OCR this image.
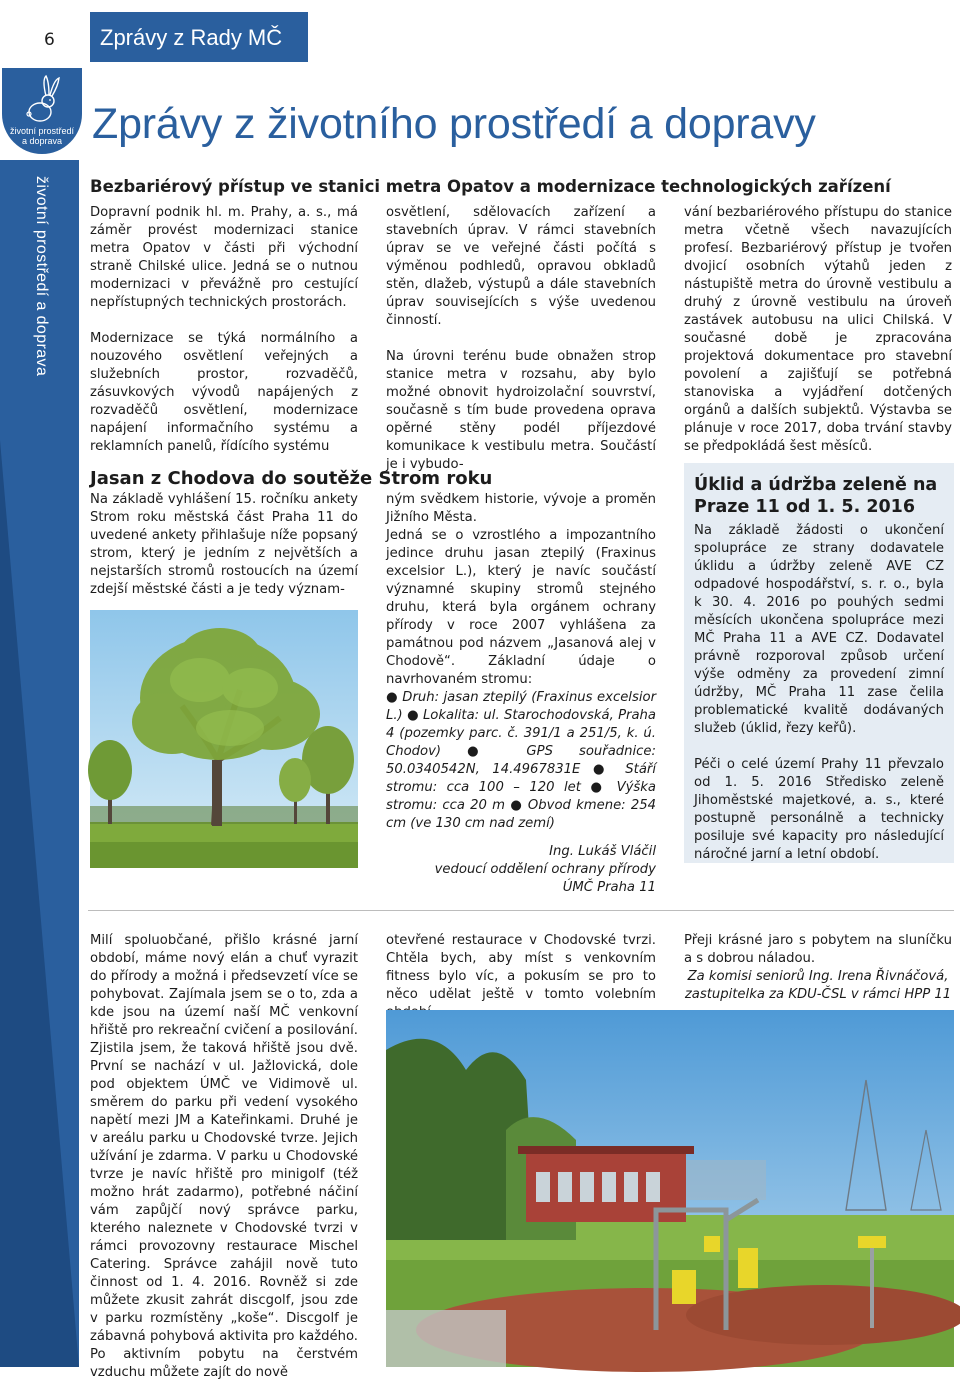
6 Zprávy z Rady MČ
životní prostředí a doprava
životní prostředí
a doprava Zprávy z životního prostředí a dopravy
Bezbariérový přístup ve stanici metra Opatov a modernizace technologických zařízení

Dopravní podnik hl. m. Prahy, a. s., má záměr provést modernizaci stanice metra Opatov v části při východní straně Chilské ulice. Jedná se o nutnou modernizaci v převážně pro cestující nepřístupných technických prostorách.

Modernizace se týká normálního a nouzového osvětlení veřejných a služebních prostor, rozvaděčů, zásuvkových vývodů napájených z rozvaděčů osvětlení, modernizace napájení informačního systému a reklamních panelů, řídícího systému

osvětlení, sdělovacích zařízení a stavebních úprav. V rámci stavebních úprav se ve veřejné části počítá s výměnou podhledů, opravou obkladů stěn, dlažeb, výstupů a dále stavebních úprav souvisejících s výše uvedenou činností.

Na úrovni terénu bude obnažen strop stanice metra v rozsahu, aby bylo možné obnovit hydroizolační souvrství, současně s tím bude provedena oprava opěrné stěny podél příjezdové komunikace k vestibulu metra. Součástí je i vybudo-

vání bezbariérového přístupu do stanice metra včetně všech navazujících profesí. Bezbariérový přístup je tvořen dvojicí osobních výtahů jeden z nástupiště metra do úrovně vestibulu a druhý z úrovně vestibulu na úroveň zastávek autobusu na ulici Chilská. V současné době je zpracována projektová dokumentace pro stavební povolení a zajišťují se potřebná stanoviska a vyjádření dotčených orgánů a dalších subjektů. Výstavba se plánuje v roce 2017, doba trvání stavby se předpokládá šest měsíců.

Jasan z Chodova do soutěže Strom roku

Na základě vyhlášení 15. ročníku ankety Strom roku městská část Praha 11 do uvedené ankety přihlašuje níže popsaný strom, který je jedním z největších a nejstarších stromů rostoucích na území zdejší městské části a je tedy význam-

ným svědkem historie, vývoje a proměn Jižního Města.

Jedná se o vzrostlého a impozantního jedince druhu jasan ztepilý (Fraxinus excelsior L.), který je navíc součástí významné skupiny stromů stejného druhu, která byla orgánem ochrany přírody v roce 2007 vyhlášena za památnou pod názvem „Jasanová alej v Chodově“. Základní údaje o navrhovaném stromu:

● Druh: jasan ztepilý (Fraxinus excelsior L.) ● Lokalita: ul. Starochodovská, Praha 4 (pozemky parc. č. 391/1 a 251/5, k. ú. Chodov) ● GPS souřadnice: 50.0340542N, 14.4967831E ● Stáří stromu: cca 100 – 120 let ● Výška stromu: cca 20 m ● Obvod kmene: 254 cm (ve 130 cm nad zemí)

Ing. Lukáš Vláčil

vedoucí oddělení ochrany přírody

ÚMČ Praha 11

Úklid a údržba zeleně na Praze 11 od 1. 5. 2016

Na základě žádosti o ukončení spolupráce ze strany dodavatele úklidu a údržby zeleně AVE CZ odpadové hospodářství, s. r. o., byla k 30. 4. 2016 po pouhých sedmi měsících ukončena spolupráce mezi MČ Praha 11 a AVE CZ. Dodavatel právně rozporoval způsob určení výše odměny za provedení zimní údržby, MČ Praha 11 zase čelila problematické kvalitě dodávaných služeb (úklid, řezy keřů).

Péči o celé území Prahy 11 převzalo od 1. 5. 2016 Středisko zeleně Jihoměstské majetkové, a. s., které postupně personálně a technicky posiluje své kapacity pro následující náročné jarní a letní období.

Milí spoluobčané, přišlo krásné jarní období, máme nový elán a chuť vyrazit do přírody a možná i předsevzetí více se pohybovat. Zajímala jsem se o to, zda a kde jsou na území naší MČ venkovní hřiště pro rekreační cvičení a posilování. Zjistila jsem, že taková hřiště jsou dvě. První se nachází v ul. Jažlovická, dole pod objektem ÚMČ ve Vidimově ul. směrem do parku při vedení vysokého napětí mezi JM a Kateřinkami. Druhé je v areálu parku u Chodovské tvrze. Jejich užívání je zdarma. V parku u Chodovské tvrze je navíc hřiště pro minigolf (též možno hrát zadarmo), potřebné náčiní vám zapůjčí nový správce parku, kterého naleznete v Chodovské tvrzi v rámci provozovny restaurace Mischel Catering. Správce zahájil nově tuto činnost od 1. 4. 2016. Rovněž si zde můžete zkusit zahrát discgolf, jsou zde v parku rozmístěny „koše“. Discgolf je zábavná pohybová aktivita pro každého. Po aktivním pobytu na čerstvém vzduchu můžete zajít do nově

otevřené restaurace v Chodovské tvrzi. Chtěla bych, aby míst s venkovním fitness bylo víc, a pokusím se pro to něco udělat ještě v tomto volebním

Přeji krásné jaro s pobytem na sluníčku a s dobrou náladou.

Za komisi seniorů Ing. Irena Řivnáčová,

zastupitelka za KDU-ČSL v rámci HPP 11
